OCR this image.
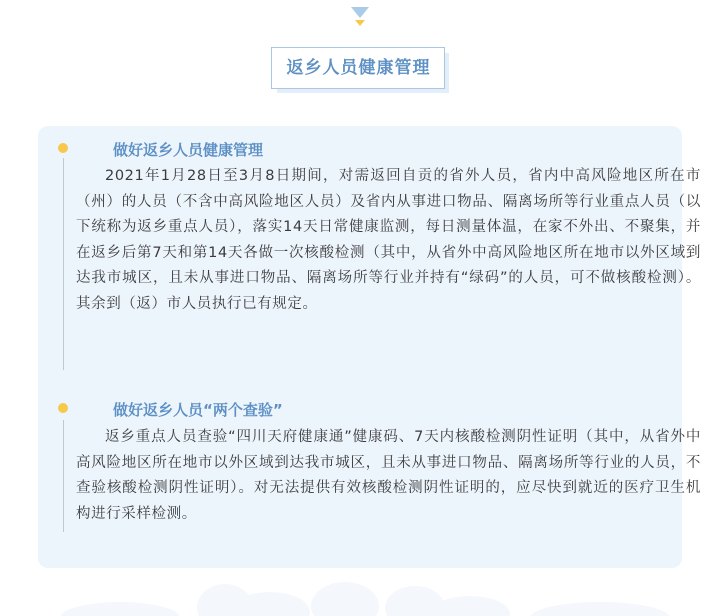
返乡人员健康管理
做好返乡人员健康管理

2021年1月28日至3月8日期间，对需返回自贡的省外人员，省内中高风险地区所在市（州）的人员（不含中高风险地区人员）及省内从事进口物品、隔离场所等行业重点人员（以下统称为返乡重点人员），落实14天日常健康监测，每日测量体温，在家不外出、不聚集，并在返乡后第7天和第14天各做一次核酸检测（其中，从省外中高风险地区所在地市以外区域到达我市城区，且未从事进口物品、隔离场所等行业并持有“绿码”的人员，可不做核酸检测）。其余到（返）市人员执行已有规定。

做好返乡人员“两个查验”

返乡重点人员查验“四川天府健康通”健康码、7天内核酸检测阴性证明（其中，从省外中高风险地区所在地市以外区域到达我市城区，且未从事进口物品、隔离场所等行业的人员，不查验核酸检测阴性证明）。对无法提供有效核酸检测阴性证明的，应尽快到就近的医疗卫生机构进行采样检测。
